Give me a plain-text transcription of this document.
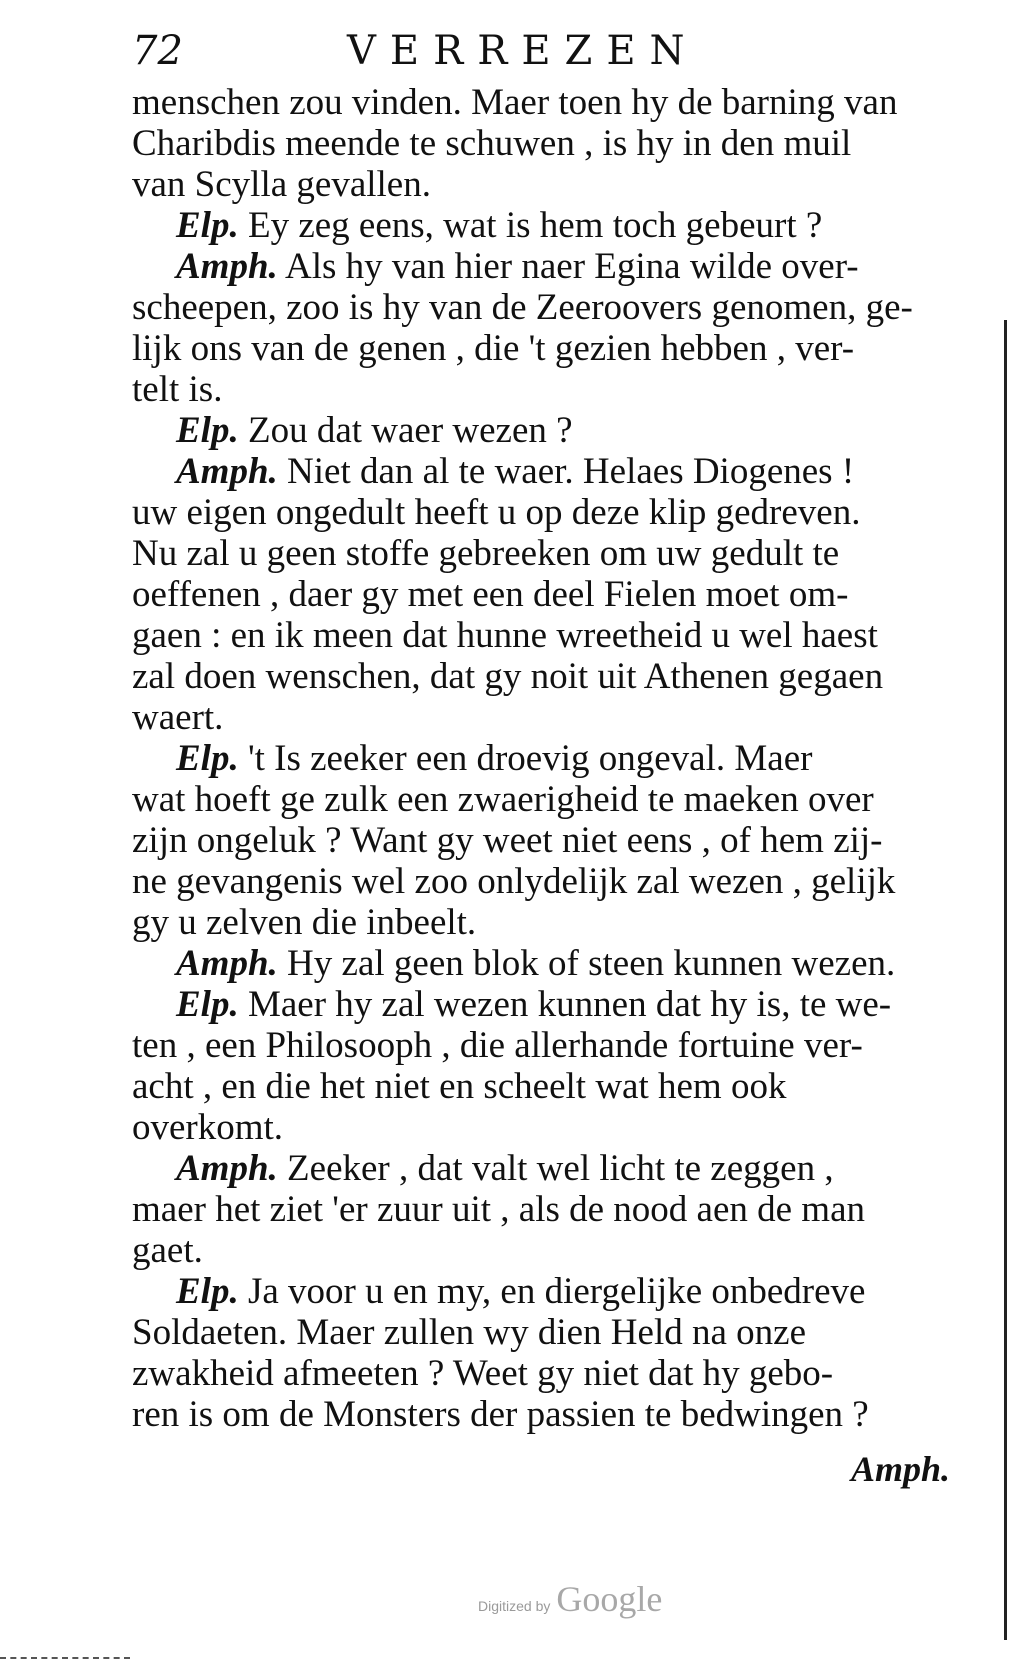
72	VERREZEN
menschen zou vinden. Maer toen hy de barning van
Charibdis meende te schuwen , is hy in den muil
van Scylla gevallen.
Elp. Ey zeg eens, wat is hem toch gebeurt ?
Amph. Als hy van hier naer Egina wilde over-
scheepen, zoo is hy van de Zeeroovers genomen, ge-
lijk ons van de genen , die 't gezien hebben , ver-
telt is.
Elp. Zou dat waer wezen ?
Amph. Niet dan al te waer. Helaes Diogenes !
uw eigen ongedult heeft u op deze klip gedreven.
Nu zal u geen stoffe gebreeken om uw gedult te
oeffenen , daer gy met een deel Fielen moet om-
gaen : en ik meen dat hunne wreetheid u wel haest
zal doen wenschen, dat gy noit uit Athenen gegaen
waert.
Elp. 't Is zeeker een droevig ongeval. Maer
wat hoeft ge zulk een zwaerigheid te maeken over
zijn ongeluk ? Want gy weet niet eens , of hem zij-
ne gevangenis wel zoo onlydelijk zal wezen , gelijk
gy u zelven die inbeelt.
Amph. Hy zal geen blok of steen kunnen wezen.
Elp. Maer hy zal wezen kunnen dat hy is, te we-
ten , een Philosooph , die allerhande fortuine ver-
acht , en die het niet en scheelt wat hem ook
overkomt.
Amph. Zeeker , dat valt wel licht te zeggen ,
maer het ziet 'er zuur uit , als de nood aen de man
gaet.
Elp. Ja voor u en my, en diergelijke onbedreve
Soldaeten. Maer zullen wy dien Held na onze
zwakheid afmeeten ? Weet gy niet dat hy gebo-
ren is om de Monsters der passien te bedwingen ?
Amph.
Digitized by Google
